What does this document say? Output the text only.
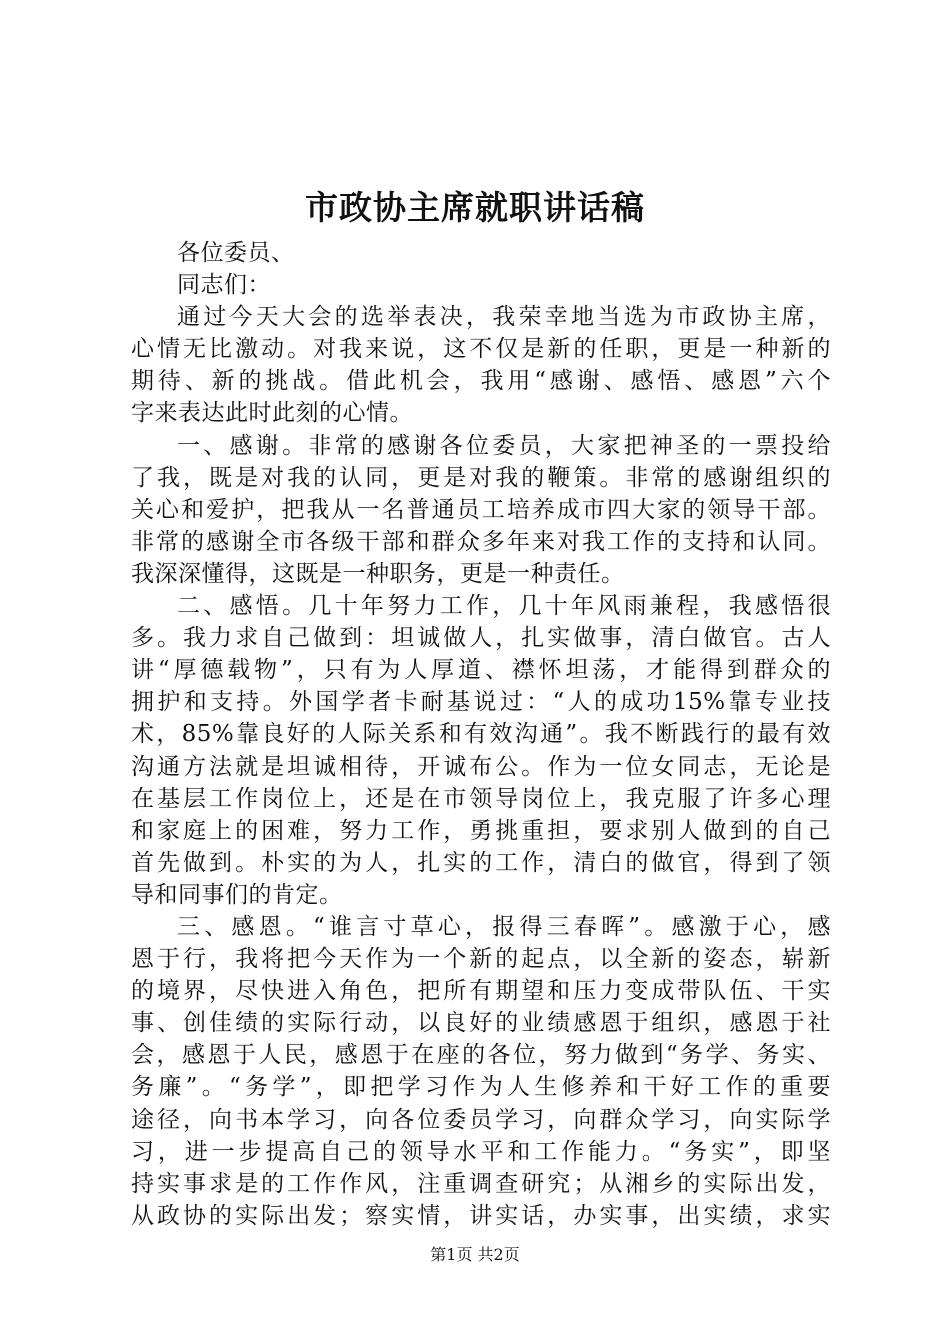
市政协主席就职讲话稿
各位委员、
同志们：
通过今天大会的选举表决，我荣幸地当选为市政协主席，
心情无比激动。对我来说，这不仅是新的任职，更是一种新的
期待、新的挑战。借此机会，我用“感谢、感悟、感恩”六个
字来表达此时此刻的心情。
一、感谢。非常的感谢各位委员，大家把神圣的一票投给
了我，既是对我的认同，更是对我的鞭策。非常的感谢组织的
关心和爱护，把我从一名普通员工培养成市四大家的领导干部。
非常的感谢全市各级干部和群众多年来对我工作的支持和认同。
我深深懂得，这既是一种职务，更是一种责任。
二、感悟。几十年努力工作，几十年风雨兼程，我感悟很
多。我力求自己做到：坦诚做人，扎实做事，清白做官。古人
讲“厚德载物”，只有为人厚道、襟怀坦荡，才能得到群众的
拥护和支持。外国学者卡耐基说过：“人的成功15%靠专业技
术，85%靠良好的人际关系和有效沟通”。我不断践行的最有效
沟通方法就是坦诚相待，开诚布公。作为一位女同志，无论是
在基层工作岗位上，还是在市领导岗位上，我克服了许多心理
和家庭上的困难，努力工作，勇挑重担，要求别人做到的自己
首先做到。朴实的为人，扎实的工作，清白的做官，得到了领
导和同事们的肯定。
三、感恩。“谁言寸草心，报得三春晖”。感激于心，感
恩于行，我将把今天作为一个新的起点，以全新的姿态，崭新
的境界，尽快进入角色，把所有期望和压力变成带队伍、干实
事、创佳绩的实际行动，以良好的业绩感恩于组织，感恩于社
会，感恩于人民，感恩于在座的各位，努力做到“务学、务实、
务廉”。“务学”，即把学习作为人生修养和干好工作的重要
途径，向书本学习，向各位委员学习，向群众学习，向实际学
习，进一步提高自己的领导水平和工作能力。“务实”，即坚
持实事求是的工作作风，注重调查研究；从湘乡的实际出发，
从政协的实际出发；察实情，讲实话，办实事，出实绩，求实
第1页 共2页
